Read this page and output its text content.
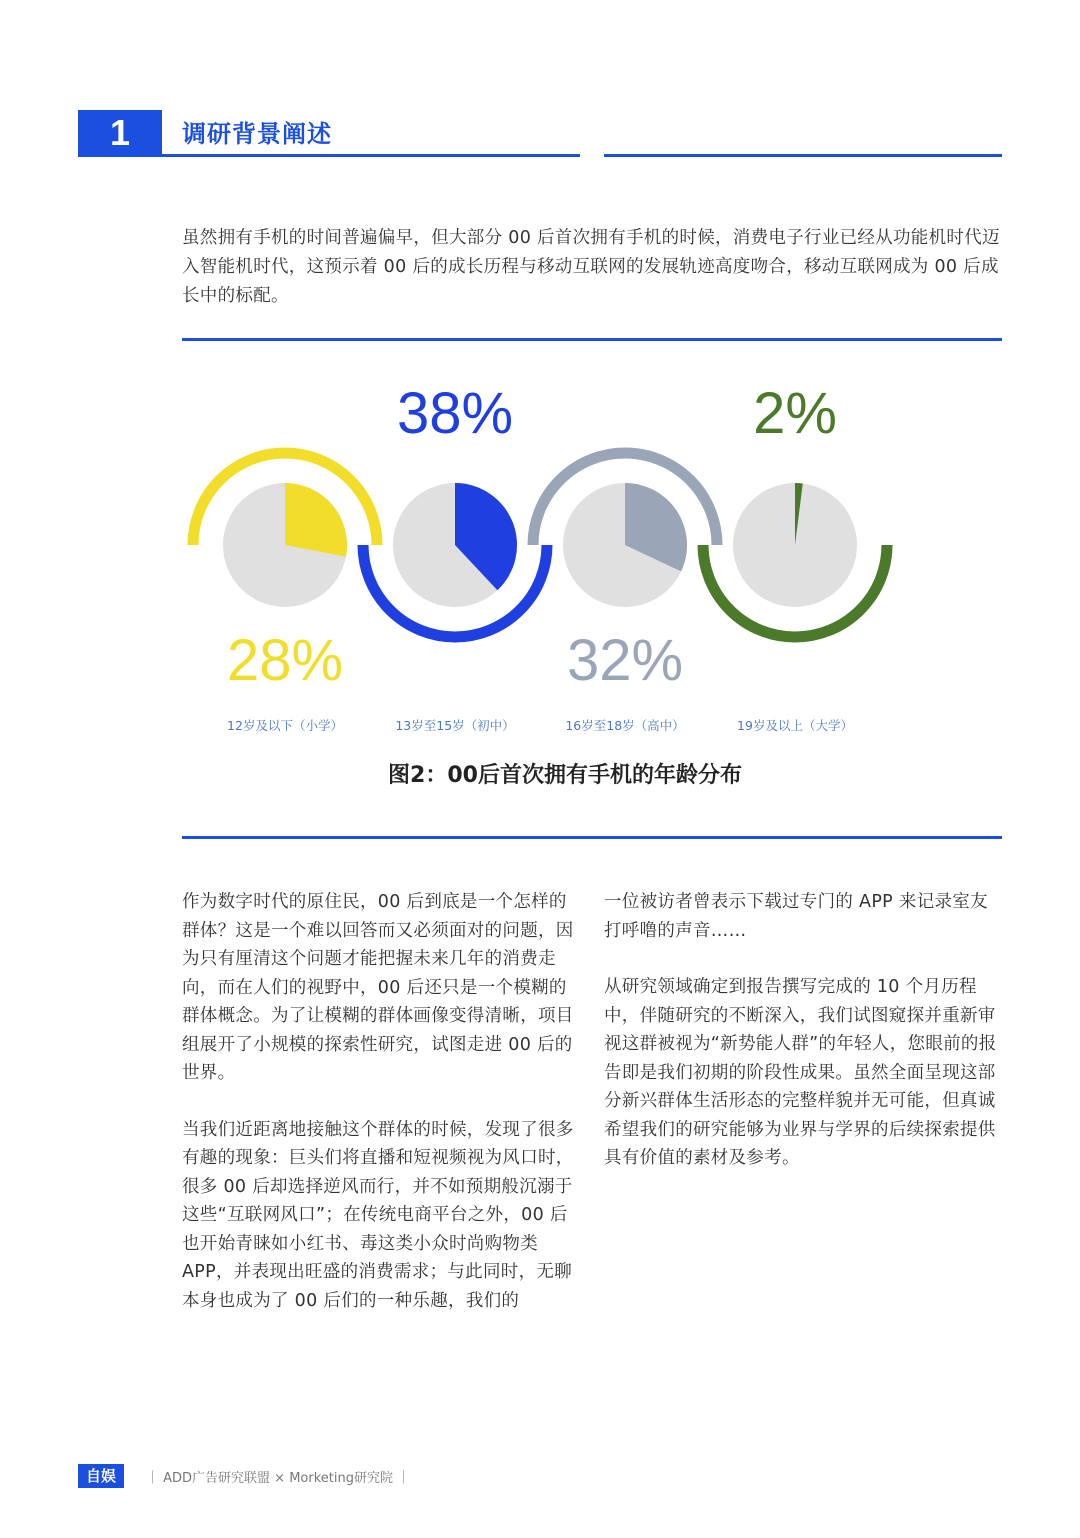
1	调研背景阐述
虽然拥有手机的时间普遍偏早，但大部分 00 后首次拥有手机的时候，消费电子行业已经从功能机时代迈入智能机时代，这预示着 00 后的成长历程与移动互联网的发展轨迹高度吻合，移动互联网成为 00 后成长中的标配。
28%
12岁及以下（小学）
38%
13岁至15岁（初中）
32%
16岁至18岁（高中）
2%
19岁及以上（大学）
图2：00后首次拥有手机的年龄分布

作为数字时代的原住民，00 后到底是一个怎样的群体？这是一个难以回答而又必须面对的问题，因为只有厘清这个问题才能把握未来几年的消费走向，而在人们的视野中，00 后还只是一个模糊的群体概念。为了让模糊的群体画像变得清晰，项目组展开了小规模的探索性研究，试图走进 00 后的世界。

当我们近距离地接触这个群体的时候，发现了很多有趣的现象：巨头们将直播和短视频视为风口时，很多 00 后却选择逆风而行，并不如预期般沉溺于这些“互联网风口”；在传统电商平台之外，00 后也开始青睐如小红书、毒这类小众时尚购物类 APP，并表现出旺盛的消费需求；与此同时，无聊本身也成为了 00 后们的一种乐趣，我们的

一位被访者曾表示下载过专门的 APP 来记录室友打呼噜的声音……

从研究领域确定到报告撰写完成的 10 个月历程中，伴随研究的不断深入，我们试图窥探并重新审视这群被视为“新势能人群”的年轻人，您眼前的报告即是我们初期的阶段性成果。虽然全面呈现这部分新兴群体生活形态的完整样貌并无可能，但真诚希望我们的研究能够为业界与学界的后续探索提供具有价值的素材及参考。

自娱	｜ ADD广告研究联盟 × Morketing研究院 ｜
